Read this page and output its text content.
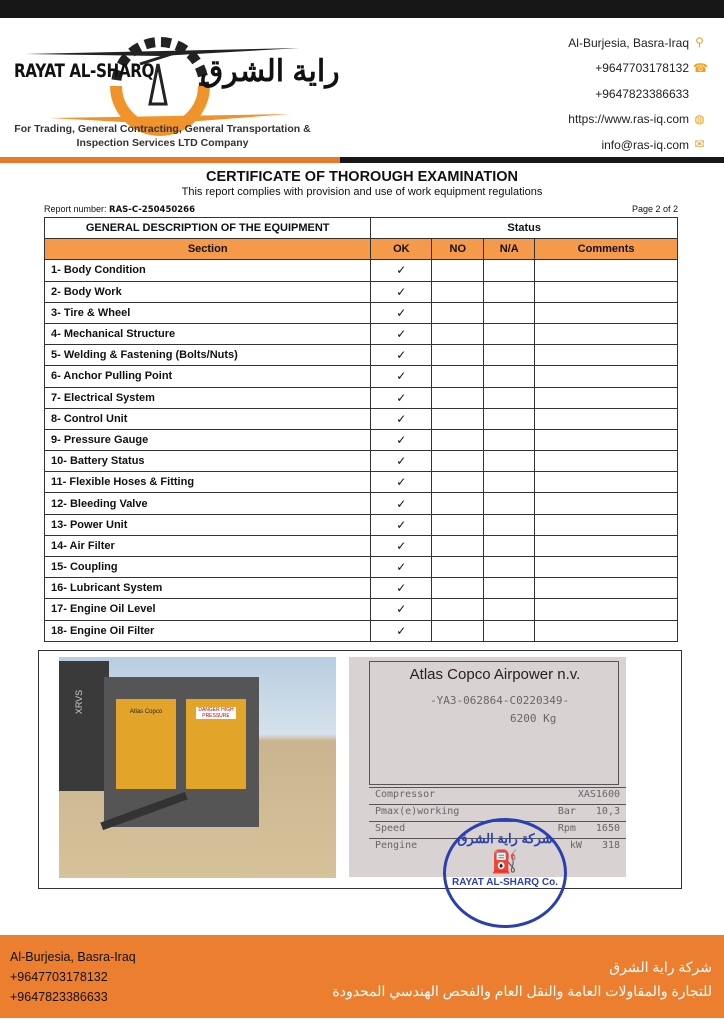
RAYAT AL-SHARQ راية الشرق
For Trading, General Contracting, General Transportation & Inspection Services LTD Company
Al-Burjesia, Basra-Iraq ⚲
+9647703178132 ☎
+9647823386633
https://www.ras-iq.com ◍
info@ras-iq.com ✉
CERTIFICATE OF THOROUGH EXAMINATION
This report complies with provision and use of work equipment regulations
Report number: RAS-C-250450266	Page 2 of 2
GENERAL DESCRIPTION OF THE EQUIPMENT	Status			
Section	OK	NO	N/A	Comments
1- Body Condition	✓			
2- Body Work	✓			
3- Tire & Wheel	✓			
4- Mechanical Structure	✓			
5- Welding & Fastening (Bolts/Nuts)	✓			
6- Anchor Pulling Point	✓			
7- Electrical System	✓			
8- Control Unit	✓			
9- Pressure Gauge	✓			
10- Battery Status	✓			
11- Flexible Hoses & Fitting	✓			
12- Bleeding Valve	✓			
13- Power Unit	✓			
14- Air Filter	✓			
15- Coupling	✓			
16- Lubricant System	✓			
17- Engine Oil Level	✓			
18- Engine Oil Filter	✓			
Atlas Copco	DANGER HIGH PRESSURE
XRVS
Atlas Copco Airpower n.v.
-YA3-062864-C0220349-
6200 Kg
Compressor	XAS1600
Pmax(e)working	10,3
Bar
Speed	1650
Rpm
Pengine	318
kW
شركة راية الشرق
⛽
RAYAT AL-SHARQ Co.
Al-Burjesia, Basra-Iraq
+9647703178132
+9647823386633
شركة راية الشرق
للتجارة والمقاولات العامة والنقل العام والفحص الهندسي المحدودة
